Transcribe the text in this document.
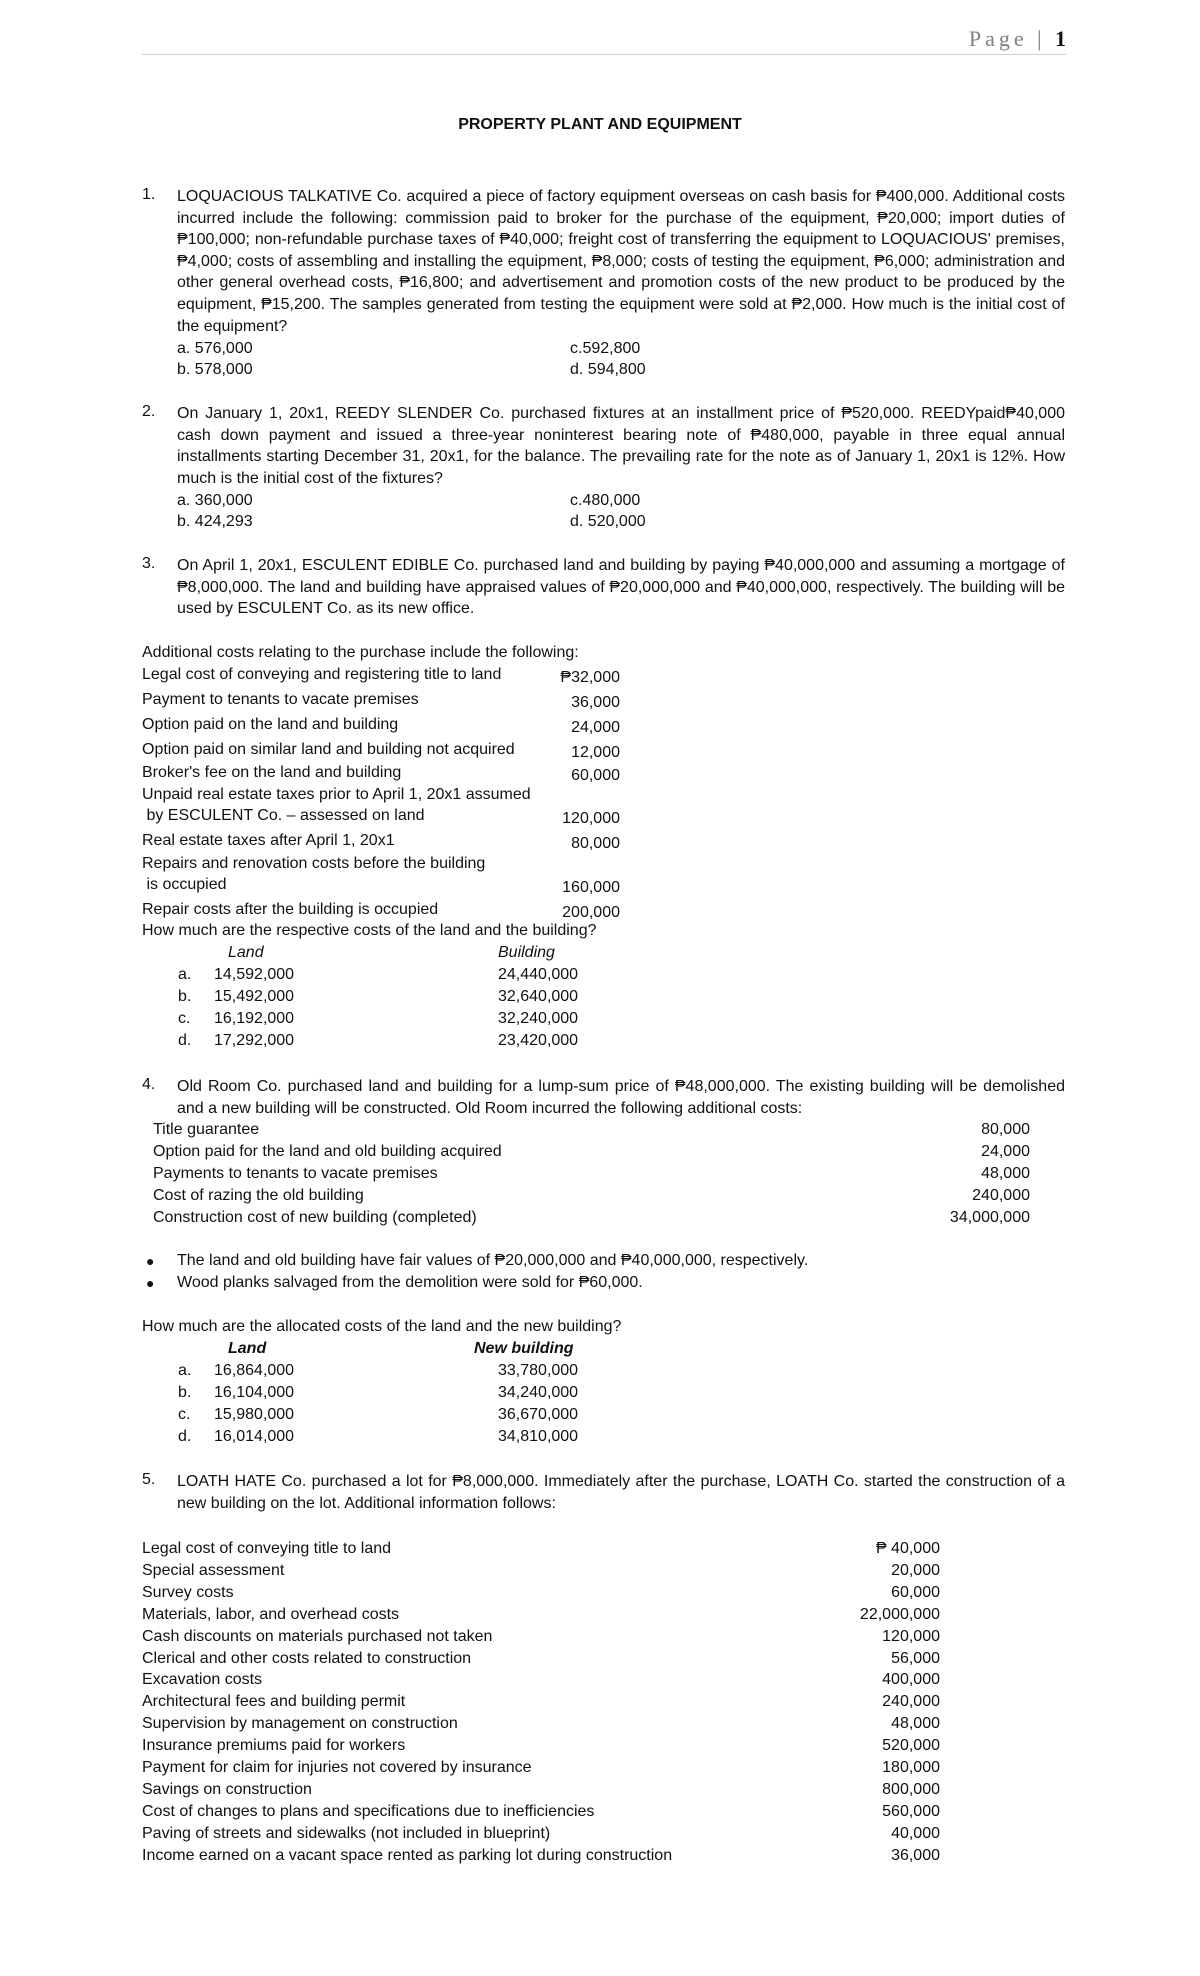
Page | 1
PROPERTY PLANT AND EQUIPMENT
1. LOQUACIOUS TALKATIVE Co. acquired a piece of factory equipment overseas on cash basis for ₱400,000. Additional costs incurred include the following: commission paid to broker for the purchase of the equipment, ₱20,000; import duties of ₱100,000; non-refundable purchase taxes of ₱40,000; freight cost of transferring the equipment to LOQUACIOUS' premises, ₱4,000; costs of assembling and installing the equipment, ₱8,000; costs of testing the equipment, ₱6,000; administration and other general overhead costs, ₱16,800; and advertisement and promotion costs of the new product to be produced by the equipment, ₱15,200. The samples generated from testing the equipment were sold at ₱2,000. How much is the initial cost of the equipment?
a. 576,000
b. 578,000
c.592,800
d. 594,800
2. On January 1, 20x1, REEDY SLENDER Co. purchased fixtures at an installment price of ₱520,000. REEDYpaid₱40,000 cash down payment and issued a three-year noninterest bearing note of ₱480,000, payable in three equal annual installments starting December 31, 20x1, for the balance. The prevailing rate for the note as of January 1, 20x1 is 12%. How much is the initial cost of the fixtures?
a. 360,000
b. 424,293
c.480,000
d. 520,000
3. On April 1, 20x1, ESCULENT EDIBLE Co. purchased land and building by paying ₱40,000,000 and assuming a mortgage of ₱8,000,000. The land and building have appraised values of ₱20,000,000 and ₱40,000,000, respectively. The building will be used by ESCULENT Co. as its new office.
Additional costs relating to the purchase include the following:
Legal cost of conveying and registering title to land	₱32,000
Payment to tenants to vacate premises	36,000
Option paid on the land and building	24,000
Option paid on similar land and building not acquired	12,000
Broker's fee on the land and building	60,000
Unpaid real estate taxes prior to April 1, 20x1 assumed
by ESCULENT Co. – assessed on land	120,000
Real estate taxes after April 1, 20x1	80,000
Repairs and renovation costs before the building
is occupied	160,000
Repair costs after the building is occupied	200,000
How much are the respective costs of the land and the building?
Land	Building
a. 14,592,000	24,440,000
b. 15,492,000	32,640,000
c. 16,192,000	32,240,000
d. 17,292,000	23,420,000
4. Old Room Co. purchased land and building for a lump-sum price of ₱48,000,000. The existing building will be demolished and a new building will be constructed. Old Room incurred the following additional costs:
Title guarantee	80,000
Option paid for the land and old building acquired	24,000
Payments to tenants to vacate premises	48,000
Cost of razing the old building	240,000
Construction cost of new building (completed)	34,000,000
● The land and old building have fair values of ₱20,000,000 and ₱40,000,000, respectively.
● Wood planks salvaged from the demolition were sold for ₱60,000.
How much are the allocated costs of the land and the new building?
Land	New building
a. 16,864,000	33,780,000
b. 16,104,000	34,240,000
c. 15,980,000	36,670,000
d. 16,014,000	34,810,000
5. LOATH HATE Co. purchased a lot for ₱8,000,000. Immediately after the purchase, LOATH Co. started the construction of a new building on the lot. Additional information follows:
Legal cost of conveying title to land	₱ 40,000
Special assessment	20,000
Survey costs	60,000
Materials, labor, and overhead costs	22,000,000
Cash discounts on materials purchased not taken	120,000
Clerical and other costs related to construction	56,000
Excavation costs	400,000
Architectural fees and building permit	240,000
Supervision by management on construction	48,000
Insurance premiums paid for workers	520,000
Payment for claim for injuries not covered by insurance	180,000
Savings on construction	800,000
Cost of changes to plans and specifications due to inefficiencies	560,000
Paving of streets and sidewalks (not included in blueprint)	40,000
Income earned on a vacant space rented as parking lot during construction	36,000
